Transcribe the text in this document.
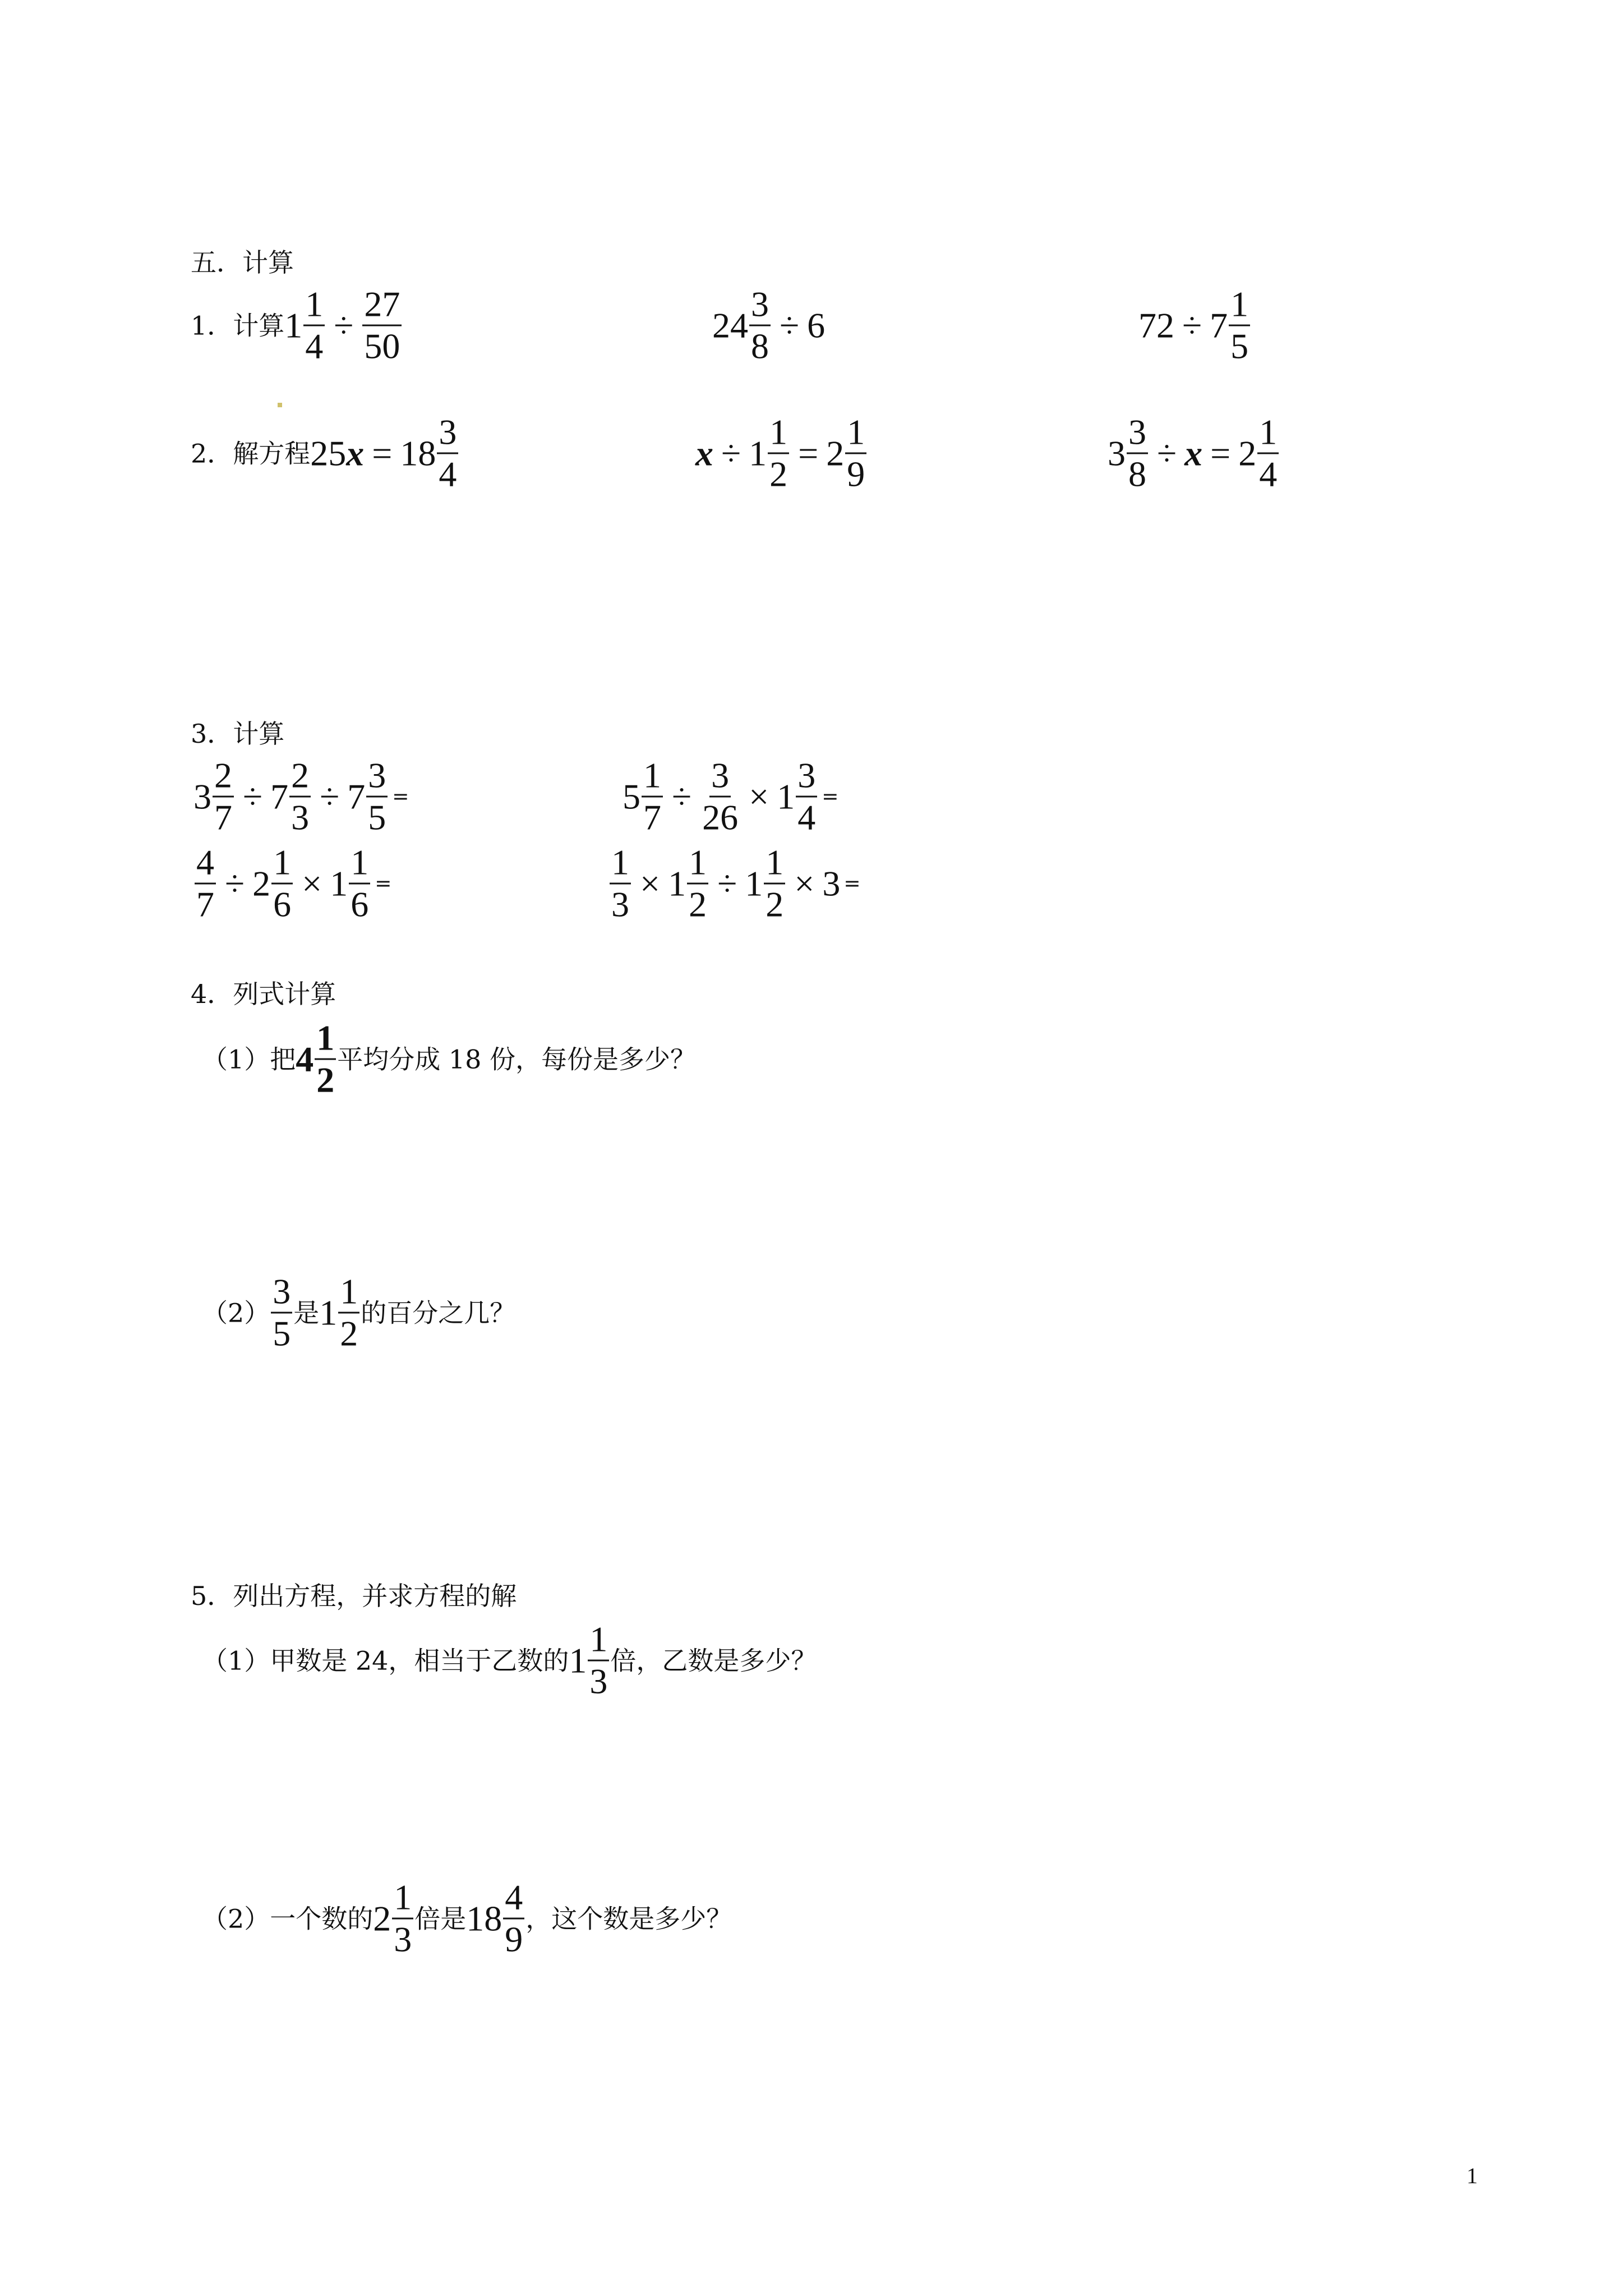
五．计算
1．计算 $1 \frac{1}{4} \div \frac{27}{50}$	$24 \frac{3}{8} \div 6$	$72 \div 7 \frac{1}{5}$
2．解方程 25 $x = 18 \frac{3}{4}$	$x \div 1 \frac{1}{2} = 2 \frac{1}{9}$	$3 \frac{3}{8} \div x = 2 \frac{1}{4}$
3．计算
$3 \frac{2}{7} \div 7 \frac{2}{3} \div 7 \frac{3}{5}$ =	$5 \frac{1}{7} \div \frac{3}{26} \times 1 \frac{3}{4}$ =
$\frac{4}{7} \div 2 \frac{1}{6} \times 1 \frac{1}{6}$ =	$\frac{1}{3} \times 1 \frac{1}{2} \div 1 \frac{1}{2} \times 3$ =
4．列式计算
（1）把 $4 \frac{1}{2}$ 平均分成 18 份，每份是多少？
$(2) \frac{3}{5}$ 是 $1 \frac{1}{2}$ 的百分之几？
5．列出方程，并求方程的解
（1）甲数是 24，相当于乙数的 $1 \frac{1}{3}$ 倍，乙数是多少？
（2）一个数的 $2 \frac{1}{3}$ 倍是 $18 \frac{4}{9}$ ，这个数是多少？
1
